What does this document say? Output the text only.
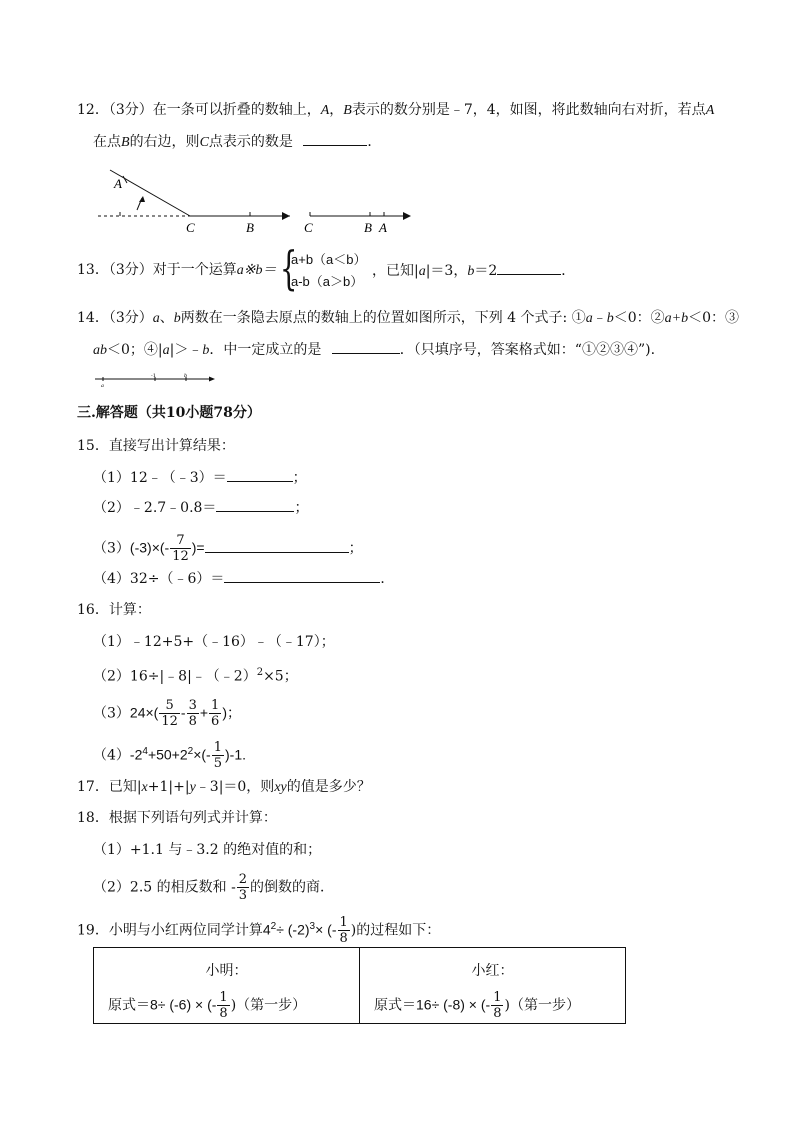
12．（3分）在一条可以折叠的数轴上，A，B表示的数分别是﹣7，4，如图，将此数轴向右对折，若点A
在点B的右边，则C点表示的数是	．
A
C	B	C	B A
13．（3分）对于一个运算a※b＝ {
a+b（a＜b）
a-b（a＞b）
，已知|a|＝3，b＝2	．
14．（3分）a、b两数在一条隐去原点的数轴上的位置如图所示，下列 4 个式子: ①a﹣b＜0：②a+b＜0：③
ab＜0；④|a|＞﹣b．中一定成立的是	．（只填序号，答案格式如：“①②③④”).
a
-1	b
三.解答题（共10小题78分）
15．直接写出计算结果：
（1）12﹣（﹣3）＝	；
（2）﹣2.7﹣0.8＝	；
$(3)(-3)\times(- \frac{7}{12}$ )=	；
（4）32÷（﹣6）＝	．
16．计算：
（1）﹣12+5+（﹣16）﹣（﹣17）；
（2）16÷|﹣8|﹣（﹣2）$^2$×5；
$(3)24\times( \frac{5}{12} - \frac{3}{8} + \frac{1}{6}$ )；
$(4)-2^4+50+2^2\times(- \frac{1}{5} )-1$.
17．已知|x+1|+|y﹣3|＝0，则xy的值是多少？
18．根据下列语句列式并计算：
（1）+1.1 与﹣3.2 的绝对值的和；
（2）2.5 的相反数和 - $\frac{2}{3}$ 的倒数的商．
19．小明与小红两位同学计算$4^2\div (-2)^3\times$ (- $\frac{1}{8}$ )的过程如下：
小明：
原式＝8÷ (-6) × (- $\frac{1}{8}$ )（第一步）

小红：
原式＝16÷ (-8) × (- $\frac{1}{8}$ )（第一步）
